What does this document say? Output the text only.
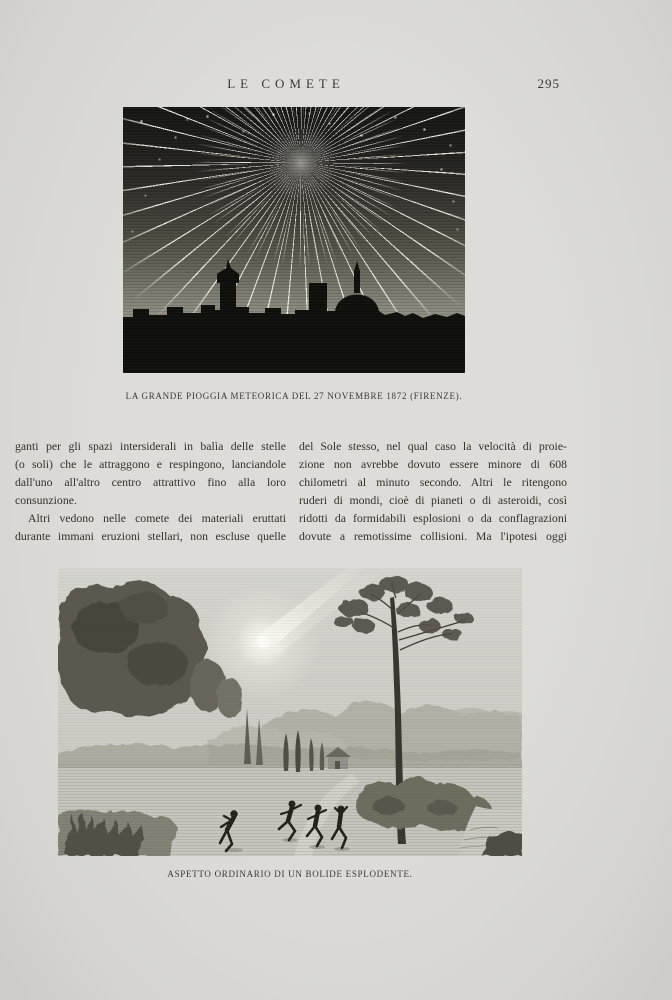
LE COMETE	295
LA GRANDE PIOGGIA METEORICA DEL 27 NOVEMBRE 1872 (FIRENZE).
ganti per gli spazi intersiderali in balìa delle stelle
(o soli) che le attraggono e respingono, lanciandole
dall'uno all'altro centro attrattivo fino alla loro
consunzione.
Altri vedono nelle comete dei materiali eruttati
durante immani eruzioni stellari, non escluse quelle
del Sole stesso, nel qual caso la velocità di proie-
zione non avrebbe dovuto essere minore di 608
chilometri al minuto secondo. Altri le ritengono
ruderi di mondi, cioè di pianeti o di asteroidi, così
ridotti da formidabili esplosioni o da conflagrazioni
dovute a remotissime collisioni. Ma l'ipotesi oggi
ASPETTO ORDINARIO DI UN BOLIDE ESPLODENTE.
